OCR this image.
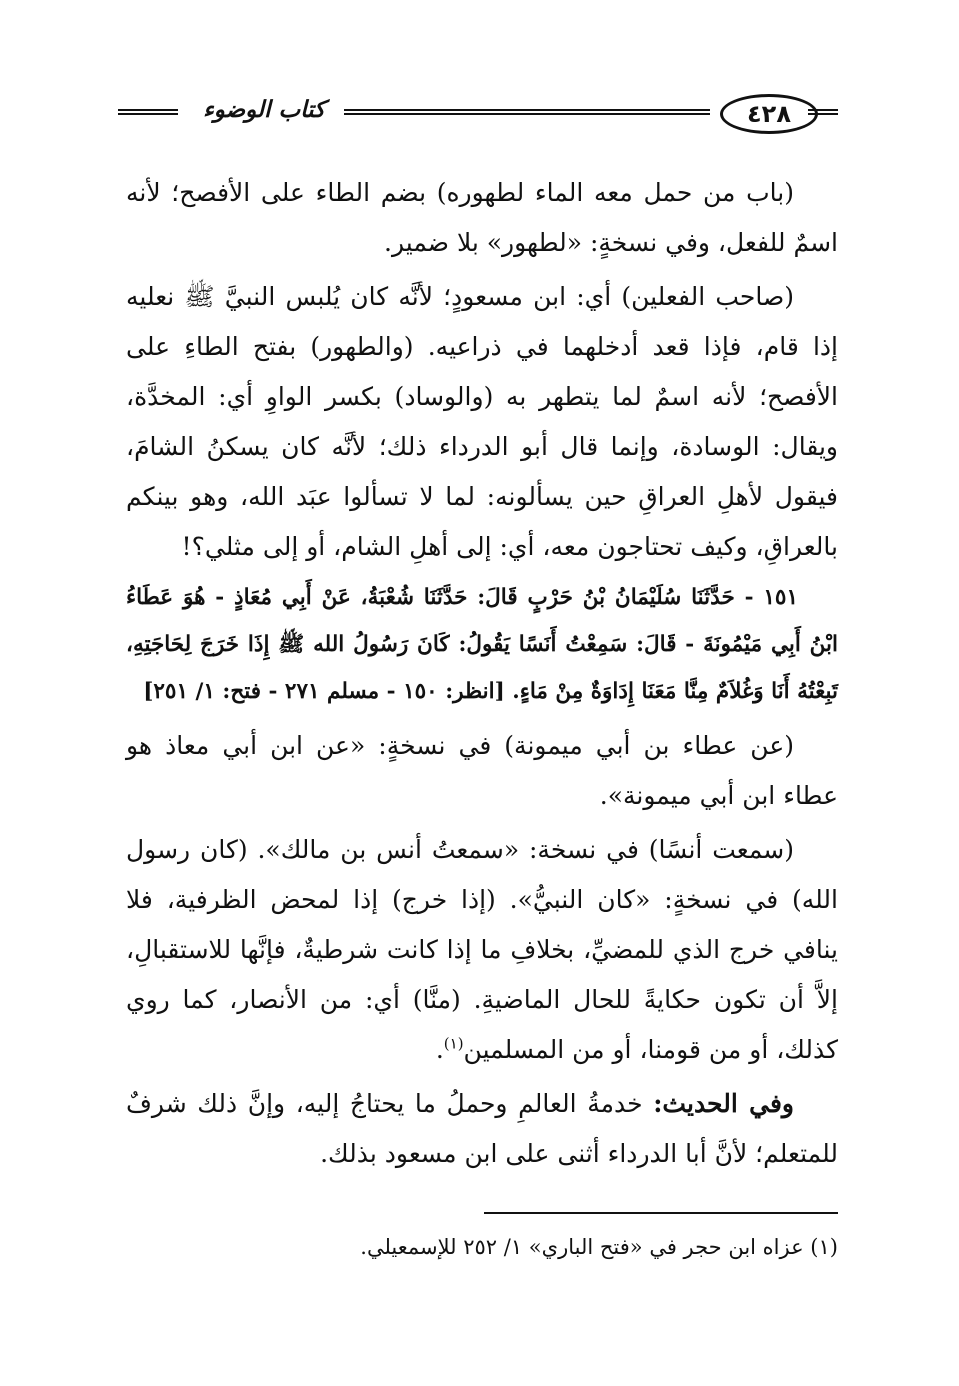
٤٢٨
كتاب الوضوء

(باب من حمل معه الماء لطهوره) بضم الطاء على الأفصح؛ لأنه اسمٌ للفعل، وفي نسخةٍ: «لطهور» بلا ضمير.

(صاحب الفعلين) أي: ابن مسعودٍ؛ لأنَّه كان يُلبس النبيَّ ﷺ نعليه إذا قام، فإذا قعد أدخلهما في ذراعيه. (والطهور) بفتح الطاءِ على الأفصح؛ لأنه اسمٌ لما يتطهر به (والوساد) بكسر الواوِ أي: المخدَّة، ويقال: الوسادة، وإنما قال أبو الدرداء ذلك؛ لأنَّه كان يسكنُ الشامَ، فيقول لأهلِ العراقِ حين يسألونه: لما لا تسألوا عبَد الله، وهو بينكم بالعراقِ، وكيف تحتاجون معه، أي: إلى أهلِ الشام، أو إلى مثلي؟!

١٥١ - حَدَّثَنَا سُلَيْمَانُ بْنُ حَرْبٍ قَالَ: حَدَّثَنَا شُعْبَةُ، عَنْ أَبِي مُعَاذٍ - هُوَ عَطَاءُ ابْنُ أَبِي مَيْمُونَةَ - قَالَ: سَمِعْتُ أَنَسًا يَقُولُ: كَانَ رَسُولُ الله ﷺ إِذَا خَرَجَ لِحَاجَتِهِ، تَبِعْتُهُ أَنَا وَغُلاَمٌ مِنَّا مَعَنَا إِدَاوَةٌ مِنْ مَاءٍ. [انظر: ١٥٠ - مسلم ٢٧١ - فتح: ١/ ٢٥١]

(عن عطاء بن أبي ميمونة) في نسخةٍ: «عن ابن أبي معاذ هو عطاء ابن أبي ميمونة».

(سمعت أنسًا) في نسخة: «سمعتُ أنس بن مالك». (كان رسول الله) في نسخةٍ: «كان النبيُّ». (إذا خرج) إذا لمحض الظرفية، فلا ينافي خرج الذي للمضيِّ، بخلافِ ما إذا كانت شرطيةٌ، فإنَّها للاستقبالِ، إلاَّ أن تكون حكايةً للحال الماضيةِ. (منَّا) أي: من الأنصار، كما روي كذلك، أو من قومنا، أو من المسلمين$^{(١)}$.

وفي الحديث: خدمةُ العالمِ وحملُ ما يحتاجُ إليه، وإنَّ ذلك شرفٌ للمتعلم؛ لأنَّ أبا الدرداء أثنى على ابن مسعود بذلك.

(١) عزاه ابن حجر في «فتح الباري» ١/ ٢٥٢ للإسمعيلي.
